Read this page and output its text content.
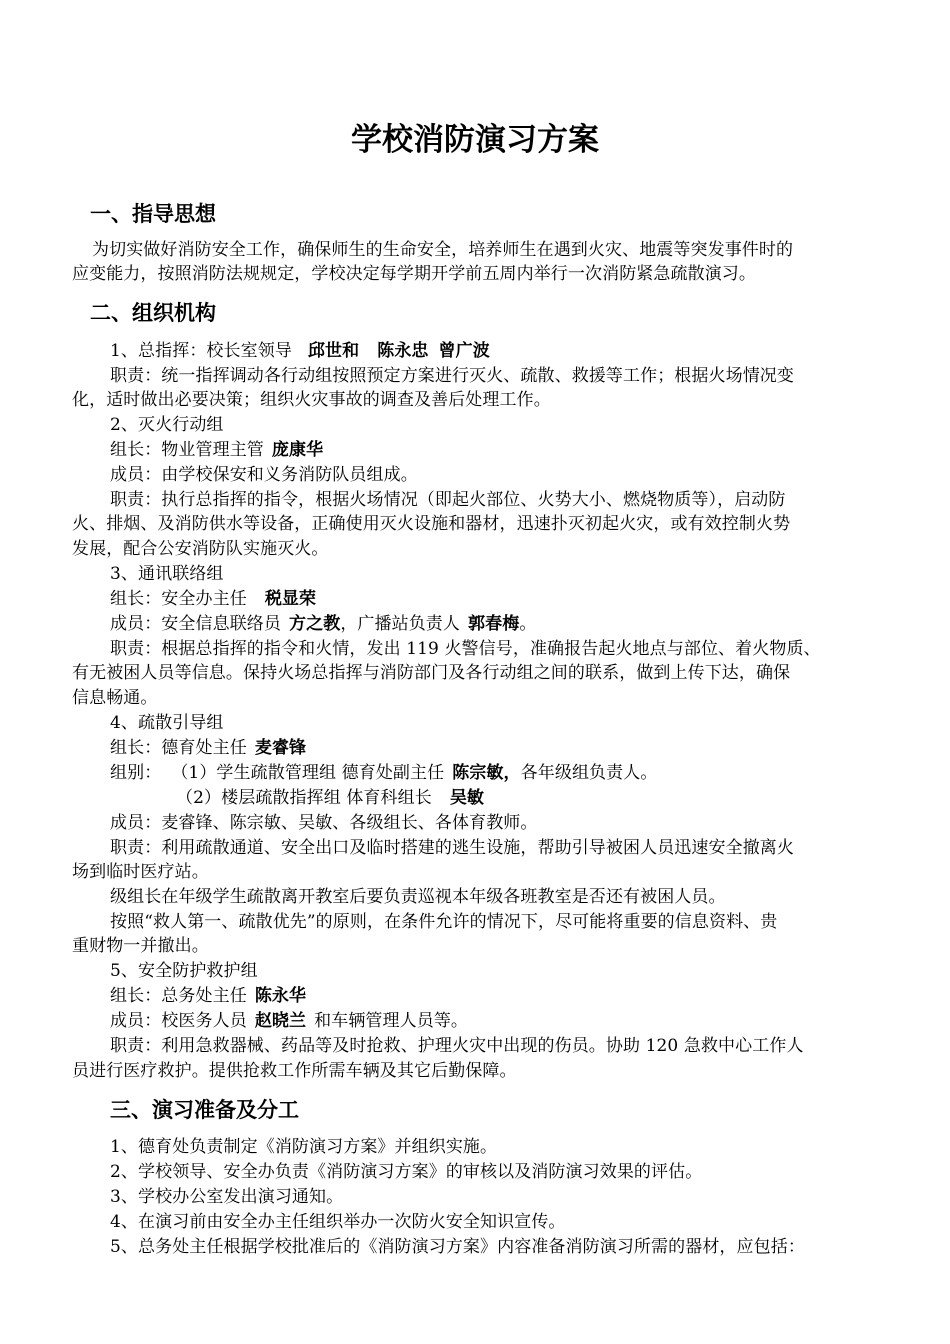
学校消防演习方案
一、指导思想
为切实做好消防安全工作，确保师生的生命安全，培养师生在遇到火灾、地震等突发事件时的
应变能力，按照消防法规规定，学校决定每学期开学前五周内举行一次消防紧急疏散演习。
二、组织机构
1、总指挥：校长室领导 邱世和 陈永忠 曾广波
职责：统一指挥调动各行动组按照预定方案进行灭火、疏散、救援等工作；根据火场情况变
化，适时做出必要决策；组织火灾事故的调查及善后处理工作。
2、灭火行动组
组长：物业管理主管 庞康华
成员：由学校保安和义务消防队员组成。
职责：执行总指挥的指令，根据火场情况（即起火部位、火势大小、燃烧物质等），启动防
火、排烟、及消防供水等设备，正确使用灭火设施和器材，迅速扑灭初起火灾，或有效控制火势
发展，配合公安消防队实施灭火。
3、通讯联络组
组长：安全办主任 税显荣
成员：安全信息联络员 方之教，广播站负责人 郭春梅。
职责：根据总指挥的指令和火情，发出 119 火警信号，准确报告起火地点与部位、着火物质、
有无被困人员等信息。保持火场总指挥与消防部门及各行动组之间的联系，做到上传下达，确保
信息畅通。
4、疏散引导组
组长：德育处主任 麦睿锋
组别： （1）学生疏散管理组 德育处副主任 陈宗敏，各年级组负责人。
（2）楼层疏散指挥组 体育科组长 吴敏
成员：麦睿锋、陈宗敏、吴敏、各级组长、各体育教师。
职责：利用疏散通道、安全出口及临时搭建的逃生设施，帮助引导被困人员迅速安全撤离火
场到临时医疗站。
级组长在年级学生疏散离开教室后要负责巡视本年级各班教室是否还有被困人员。
按照“救人第一、疏散优先”的原则，在条件允许的情况下，尽可能将重要的信息资料、贵
重财物一并撤出。
5、安全防护救护组
组长：总务处主任 陈永华
成员：校医务人员 赵晓兰 和车辆管理人员等。
职责：利用急救器械、药品等及时抢救、护理火灾中出现的伤员。协助 120 急救中心工作人
员进行医疗救护。提供抢救工作所需车辆及其它后勤保障。
三、演习准备及分工
1、德育处负责制定《消防演习方案》并组织实施。
2、学校领导、安全办负责《消防演习方案》的审核以及消防演习效果的评估。
3、学校办公室发出演习通知。
4、在演习前由安全办主任组织举办一次防火安全知识宣传。
5、总务处主任根据学校批准后的《消防演习方案》内容准备消防演习所需的器材，应包括：
